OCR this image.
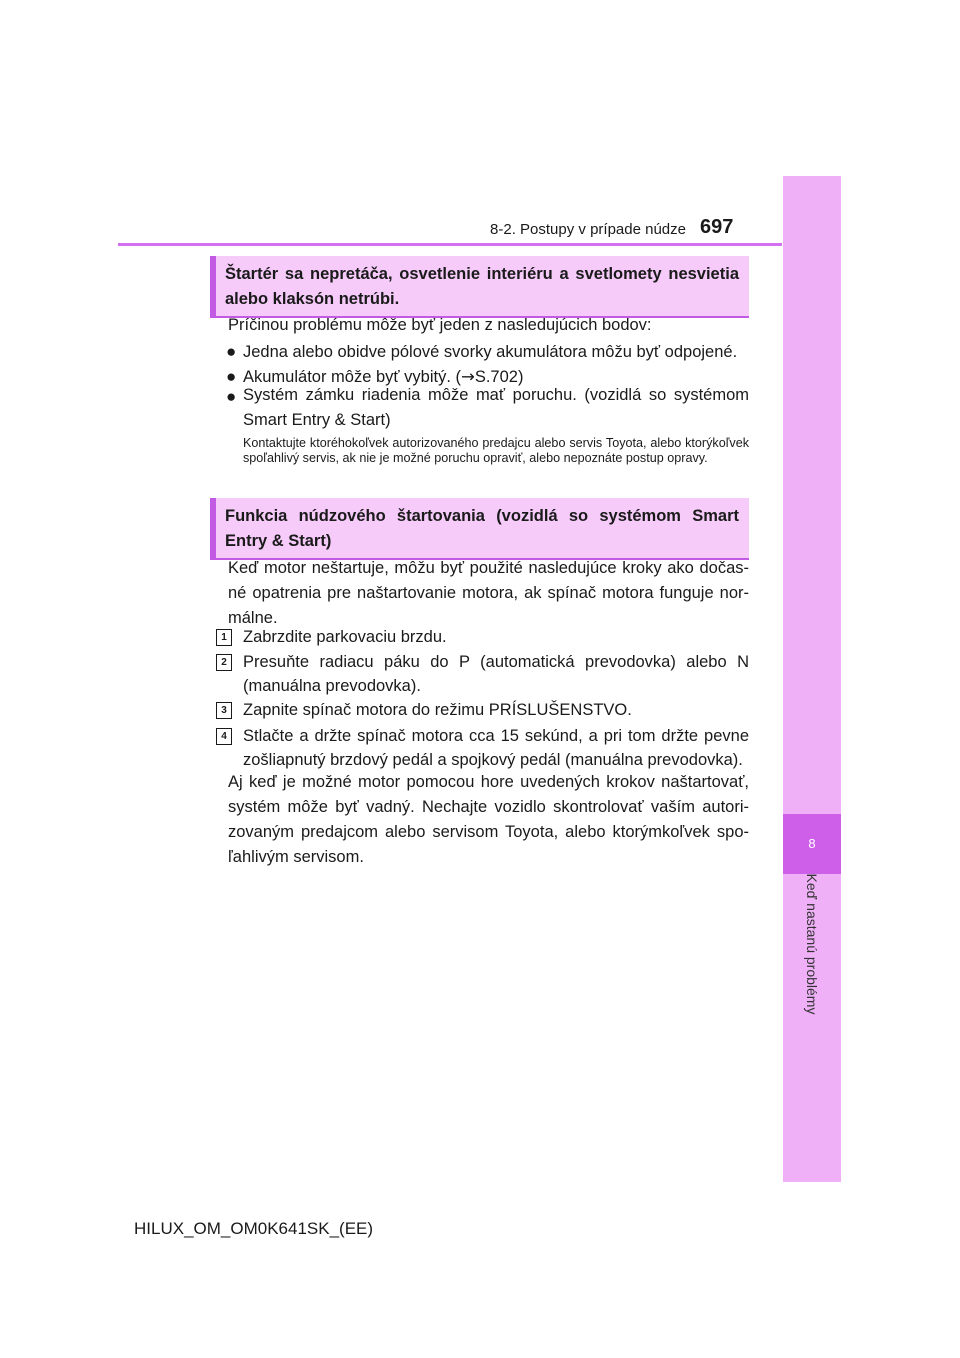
8-2. Postupy v prípade núdze 697
8
Keď nastanú problémy
Štartér sa nepretáča, osvetlenie interiéru a svetlomety nesvietia alebo klaksón netrúbi.
Príčinou problému môže byť jeden z nasledujúcich bodov:
● Jedna alebo obidve pólové svorky akumulátora môžu byť odpojené.
● Akumulátor môže byť vybitý. (→S.702)
● Systém zámku riadenia môže mať poruchu. (vozidlá so systémom Smart Entry & Start)
Kontaktujte ktoréhokoľvek autorizovaného predajcu alebo servis Toyota, alebo ktorýkoľvek spoľahlivý servis, ak nie je možné poruchu opraviť, alebo nepoznáte postup opravy.
Funkcia núdzového štartovania (vozidlá so systémom Smart Entry & Start)
Keď motor neštartuje, môžu byť použité nasledujúce kroky ako dočas-né opatrenia pre naštartovanie motora, ak spínač motora funguje nor-málne.
1 Zabrzdite parkovaciu brzdu.
2 Presuňte radiacu páku do P (automatická prevodovka) alebo N (manuálna prevodovka).
3 Zapnite spínač motora do režimu PRÍSLUŠENSTVO.
4 Stlačte a držte spínač motora cca 15 sekúnd, a pri tom držte pevne zošliapnutý brzdový pedál a spojkový pedál (manuálna prevodovka).
Aj keď je možné motor pomocou hore uvedených krokov naštartovať, systém môže byť vadný. Nechajte vozidlo skontrolovať vaším autori-zovaným predajcom alebo servisom Toyota, alebo ktorýmkoľvek spo-ľahlivým servisom.
HILUX_OM_OM0K641SK_(EE)
